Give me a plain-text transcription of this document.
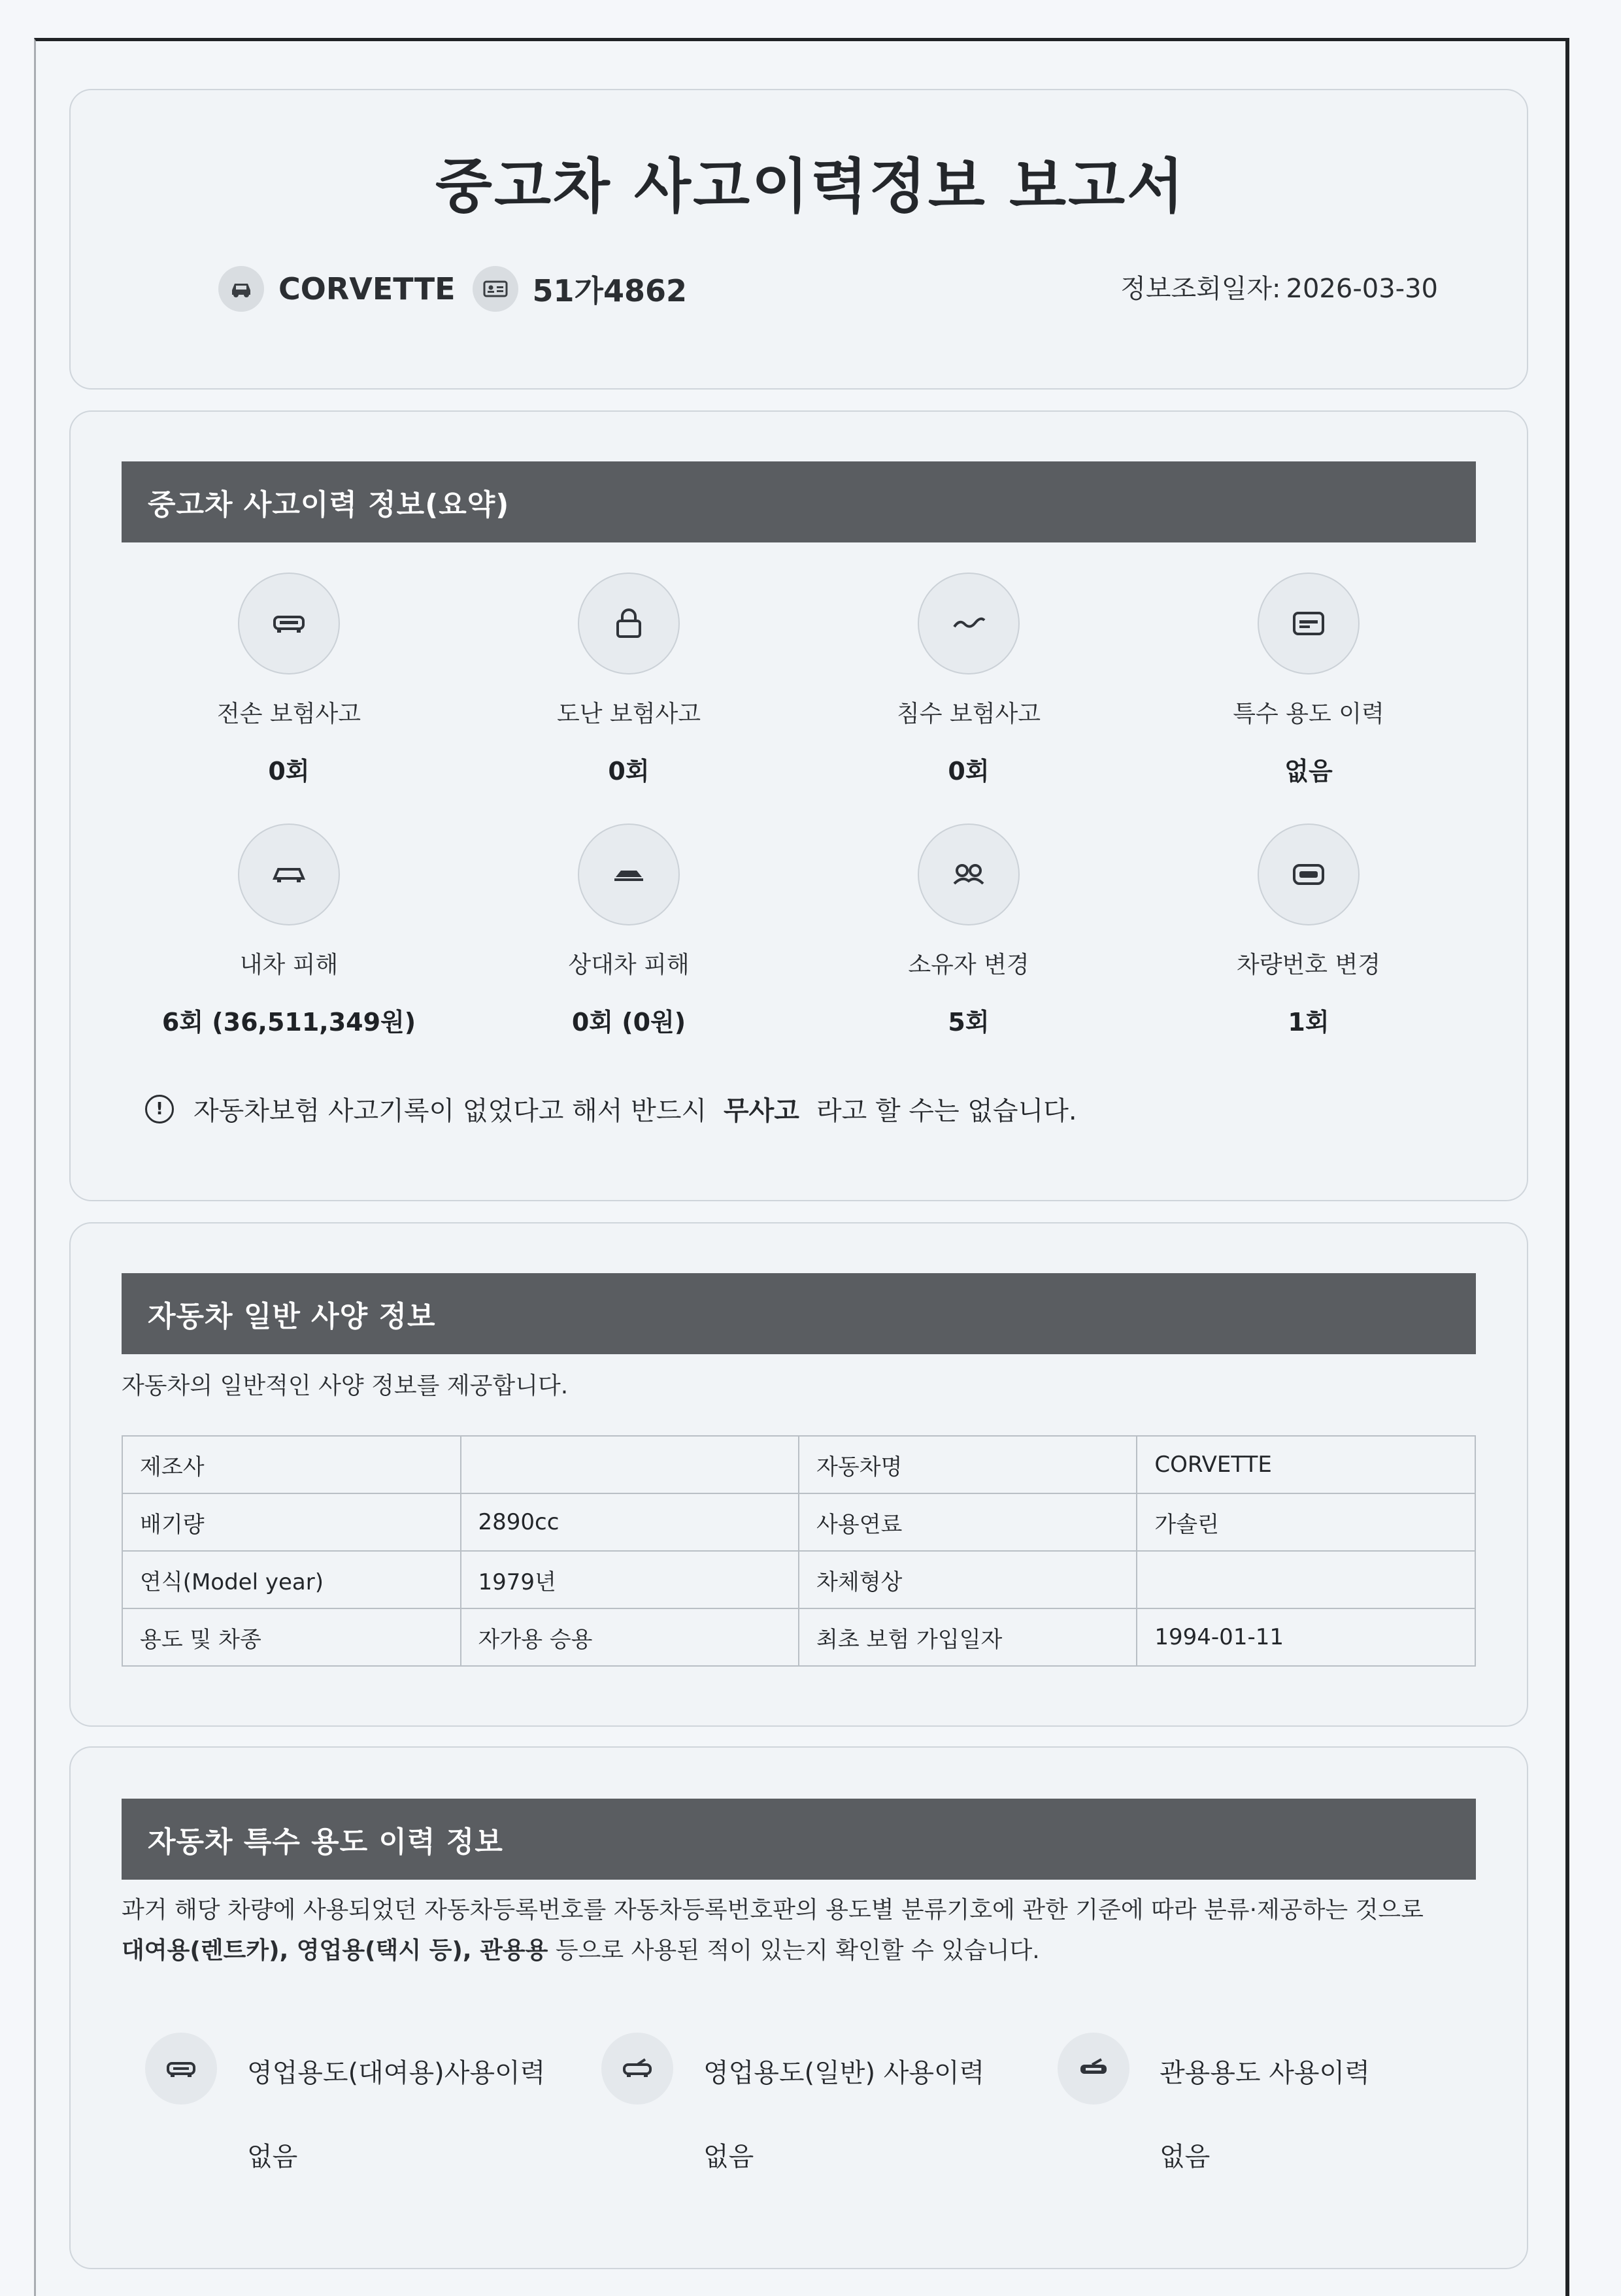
중고차 사고이력정보 보고서
CORVETTE	51가4862	정보조회일자: 2026-03-30
중고차 사고이력 정보(요약)
전손 보험사고
0회
도난 보험사고
0회
침수 보험사고
0회
특수 용도 이력
없음
내차 피해
6회 (36,511,349원)
상대차 피해
0회 (0원)
소유자 변경
5회
차량번호 변경
1회
!	자동차보험 사고기록이 없었다고 해서 반드시 무사고 라고 할 수는 없습니다.
자동차 일반 사양 정보
자동차의 일반적인 사양 정보를 제공합니다.
제조사		자동차명	CORVETTE
배기량	2890cc	사용연료	가솔린
연식(Model year)	1979년	차체형상	
용도 및 차종	자가용 승용	최초 보험 가입일자	1994-01-11
자동차 특수 용도 이력 정보
과거 해당 차량에 사용되었던 자동차등록번호를 자동차등록번호판의 용도별 분류기호에 관한 기준에 따라 분류·제공하는 것으로
대여용(렌트카), 영업용(택시 등), 관용용 등으로 사용된 적이 있는지 확인할 수 있습니다.
영업용도(대여용)사용이력
없음
영업용도(일반) 사용이력
없음
관용용도 사용이력
없음
